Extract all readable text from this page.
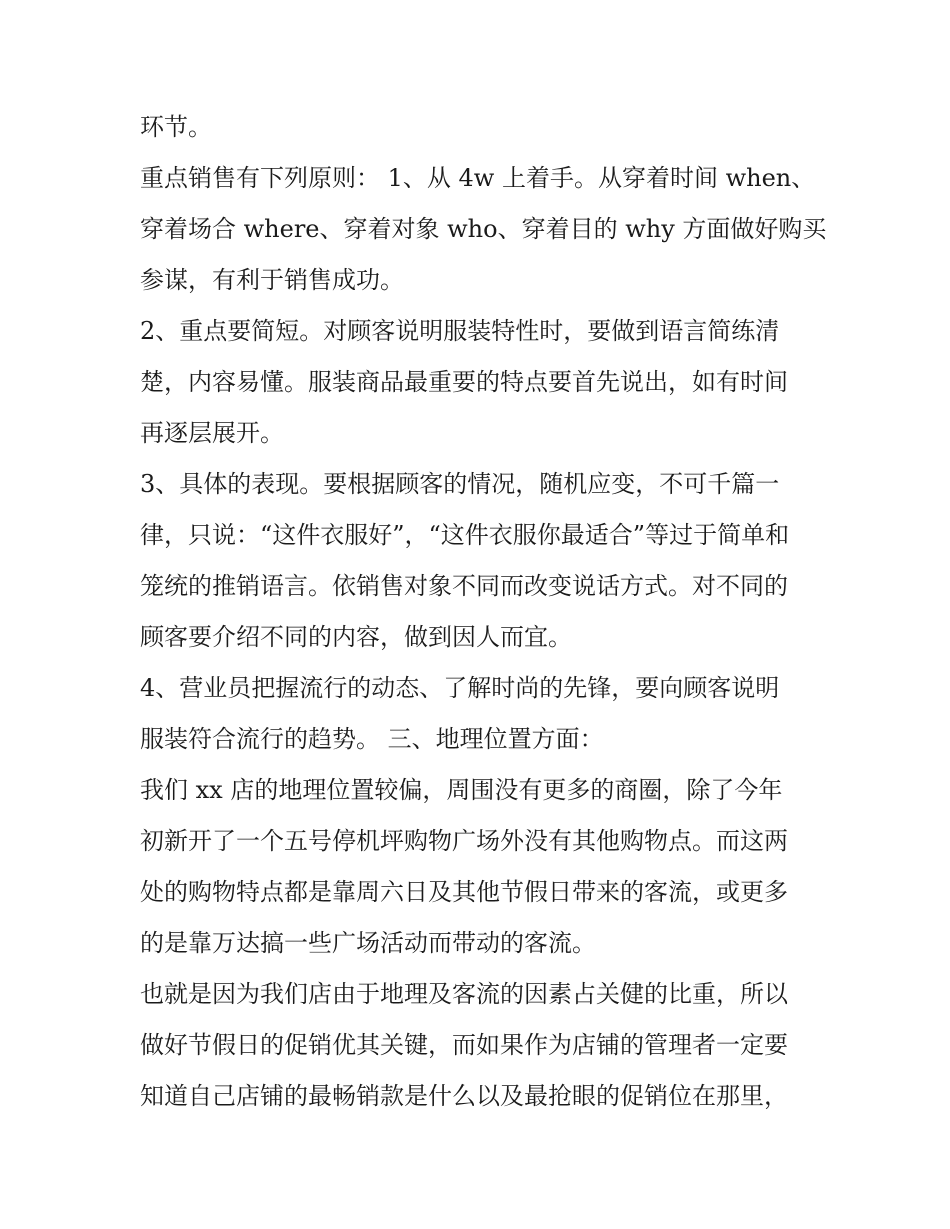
环节。

重点销售有下列原则： 1、从 4w 上着手。从穿着时间 when、
穿着场合 where、穿着对象 who、穿着目的 why 方面做好购买
参谋，有利于销售成功。

2、重点要简短。对顾客说明服装特性时，要做到语言简练清
楚，内容易懂。服装商品最重要的特点要首先说出，如有时间
再逐层展开。

3、具体的表现。要根据顾客的情况，随机应变，不可千篇一
律，只说：“这件衣服好”，“这件衣服你最适合”等过于简单和
笼统的推销语言。依销售对象不同而改变说话方式。对不同的
顾客要介绍不同的内容，做到因人而宜。

4、营业员把握流行的动态、了解时尚的先锋，要向顾客说明
服装符合流行的趋势。 三、地理位置方面：

我们 xx 店的地理位置较偏，周围没有更多的商圈，除了今年
初新开了一个五号停机坪购物广场外没有其他购物点。而这两
处的购物特点都是靠周六日及其他节假日带来的客流，或更多
的是靠万达搞一些广场活动而带动的客流。

也就是因为我们店由于地理及客流的因素占关健的比重，所以
做好节假日的促销优其关键，而如果作为店铺的管理者一定要
知道自己店铺的最畅销款是什么以及最抢眼的促销位在那里，
